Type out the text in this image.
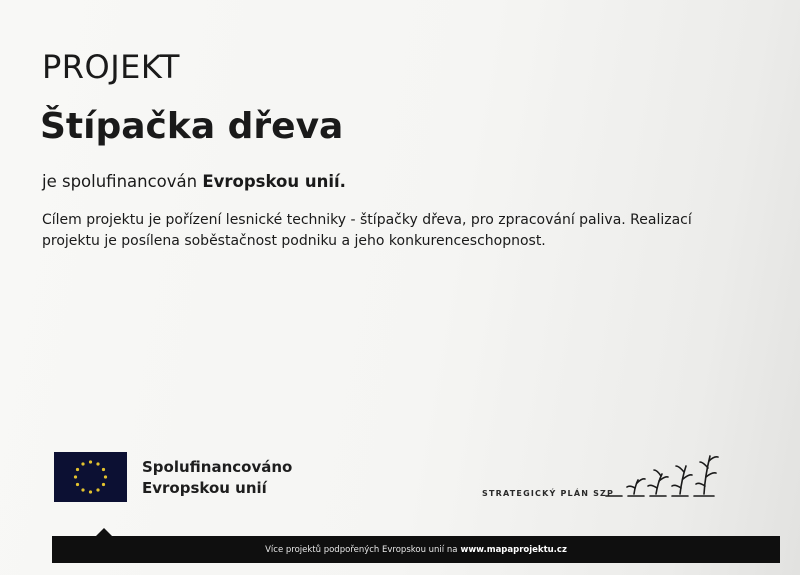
PROJEKT
Štípačka dřeva
je spolufinancován Evropskou unií.
Cílem projektu je pořízení lesnické techniky - štípačky dřeva, pro zpracování paliva. Realizací projektu je posílena soběstačnost podniku a jeho konkurenceschopnost.
Spolufinancováno
Evropskou unií	STRATEGICKÝ PLÁN SZP
Více projektů podpořených Evropskou unií na www.mapaprojektu.cz
